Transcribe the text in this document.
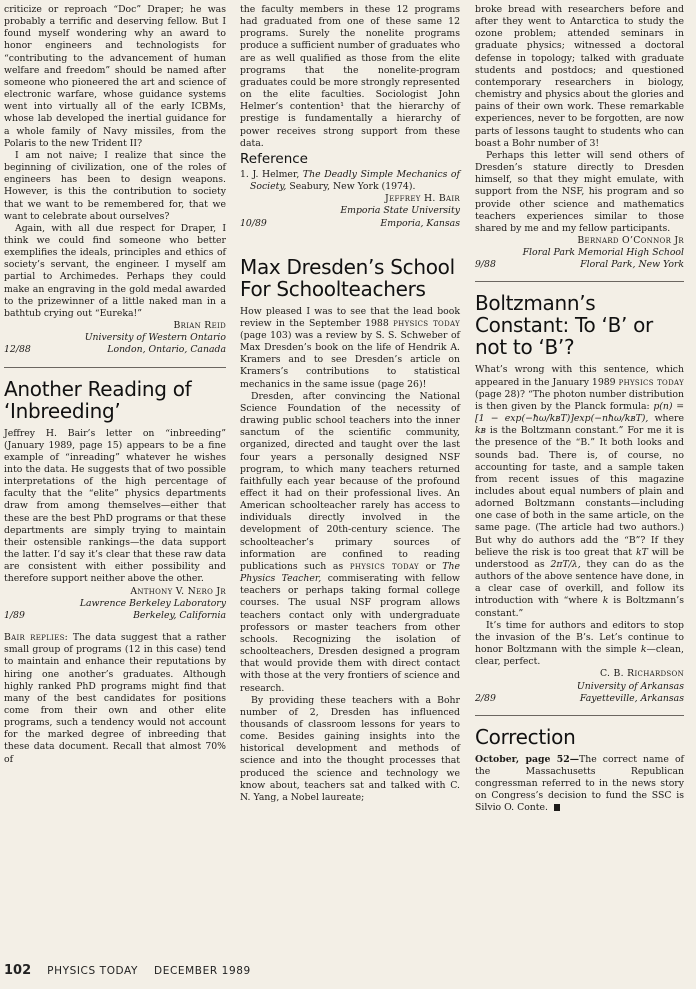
criticize or reproach “Doc” Draper; he was probably a terrific and deserving fellow. But I found myself wondering why an award to honor engineers and technologists for “contributing to the advancement of human welfare and freedom” should be named after someone who pioneered the art and science of electronic warfare, whose guidance systems went into virtually all of the early ICBMs, whose lab developed the inertial guidance for a whole family of Navy missiles, from the Polaris to the new Trident II?

I am not naive; I realize that since the beginning of civilization, one of the roles of engineers has been to design weapons. However, is this the contribution to society that we want to be remembered for, that we want to celebrate about ourselves?

Again, with all due respect for Draper, I think we could find someone who better exemplifies the ideals, principles and ethics of society’s servant, the engineer. I myself am partial to Archimedes. Perhaps they could make an engraving in the gold medal awarded to the prizewinner of a little naked man in a bathtub crying out “Eureka!”

Brian Reid

University of Western Ontario

12/88	London, Ontario, Canada

Another Reading of ‘Inbreeding’

Jeffrey H. Bair’s letter on “inbreeding” (January 1989, page 15) appears to be a fine example of “inreading” whatever he wishes into the data. He suggests that of two possible interpretations of the high percentage of faculty that the “elite” physics departments draw from among themselves—either that these are the best PhD programs or that these departments are simply trying to maintain their ostensible rankings—the data support the latter. I’d say it’s clear that these raw data are consistent with either possibility and therefore support neither above the other.

Anthony V. Nero Jr

Lawrence Berkeley Laboratory

1/89	Berkeley, California

Bair replies: The data suggest that a rather small group of programs (12 in this case) tend to maintain and enhance their reputations by hiring one another’s graduates. Although highly ranked PhD programs might find that many of the best candidates for positions come from their own and other elite programs, such a tendency would not account for the marked degree of inbreeding that these data document. Recall that almost 70% of

the faculty members in these 12 programs had graduated from one of these same 12 programs. Surely the nonelite programs produce a sufficient number of graduates who are as well qualified as those from the elite programs that the nonelite-program graduates could be more strongly represented on the elite faculties. Sociologist John Helmer’s contention¹ that the hierarchy of prestige is fundamentally a hierarchy of power receives strong support from these data.

Reference

1. J. Helmer, The Deadly Simple Mechanics of Society, Seabury, New York (1974).

Jeffrey H. Bair

Emporia State University

10/89	Emporia, Kansas

Max Dresden’s School For Schoolteachers

How pleased I was to see that the lead book review in the September 1988 physics today (page 103) was a review by S. S. Schweber of Max Dresden’s book on the life of Hendrik A. Kramers and to see Dresden’s article on Kramers’s contributions to statistical mechanics in the same issue (page 26)!

Dresden, after convincing the National Science Foundation of the necessity of drawing public school teachers into the inner sanctum of the scientific community, organized, directed and taught over the last four years a personally designed NSF program, to which many teachers returned faithfully each year because of the profound effect it had on their professional lives. An American schoolteacher rarely has access to individuals directly involved in the development of 20th-century science. The schoolteacher’s primary sources of information are confined to reading publications such as physics today or The Physics Teacher, commiserating with fellow teachers or perhaps taking formal college courses. The usual NSF program allows teachers contact only with undergraduate professors or master teachers from other schools. Recognizing the isolation of schoolteachers, Dresden designed a program that would provide them with direct contact with those at the very frontiers of science and research.

By providing these teachers with a Bohr number of 2, Dresden has influenced thousands of classroom lessons for years to come. Besides gaining insights into the historical development and methods of science and into the thought processes that produced the science and technology we know about, teachers sat and talked with C. N. Yang, a Nobel laureate;

broke bread with researchers before and after they went to Antarctica to study the ozone problem; attended seminars in graduate physics; witnessed a doctoral defense in topology; talked with graduate students and postdocs; and questioned contemporary researchers in biology, chemistry and physics about the glories and pains of their own work. These remarkable experiences, never to be forgotten, are now parts of lessons taught to students who can boast a Bohr number of 3!

Perhaps this letter will send others of Dresden’s stature directly to Dresden himself, so that they might emulate, with support from the NSF, his program and so provide other science and mathematics teachers experiences similar to those shared by me and my fellow participants.

Bernard O’Connor Jr

Floral Park Memorial High School

9/88	Floral Park, New York

Boltzmann’s Constant: To ‘B’ or not to ‘B’?

What’s wrong with this sentence, which appeared in the January 1989 physics today (page 28)? “The photon number distribution is then given by the Planck formula: p(n) = [1 − exp(−ħω/kʙT)]exp(−nħω/kʙT), where kʙ is the Boltzmann constant.” For me it is the presence of the “B.” It both looks and sounds bad. There is, of course, no accounting for taste, and a sample taken from recent issues of this magazine includes about equal numbers of plain and adorned Boltzmann constants—including one case of both in the same article, on the same page. (The article had two authors.) But why do authors add the “B”? If they believe the risk is too great that kT will be understood as 2πT/λ, they can do as the authors of the above sentence have done, in a clear case of overkill, and follow its introduction with “where k is Boltzmann’s constant.”

It’s time for authors and editors to stop the invasion of the B’s. Let’s continue to honor Boltzmann with the simple k—clean, clear, perfect.

C. B. Richardson

University of Arkansas

2/89	Fayetteville, Arkansas

Correction

October, page 52—The correct name of the Massachusetts Republican congressman referred to in the news story on Congress’s decision to fund the SSC is Silvio O. Conte.

102 PHYSICS TODAY DECEMBER 1989
